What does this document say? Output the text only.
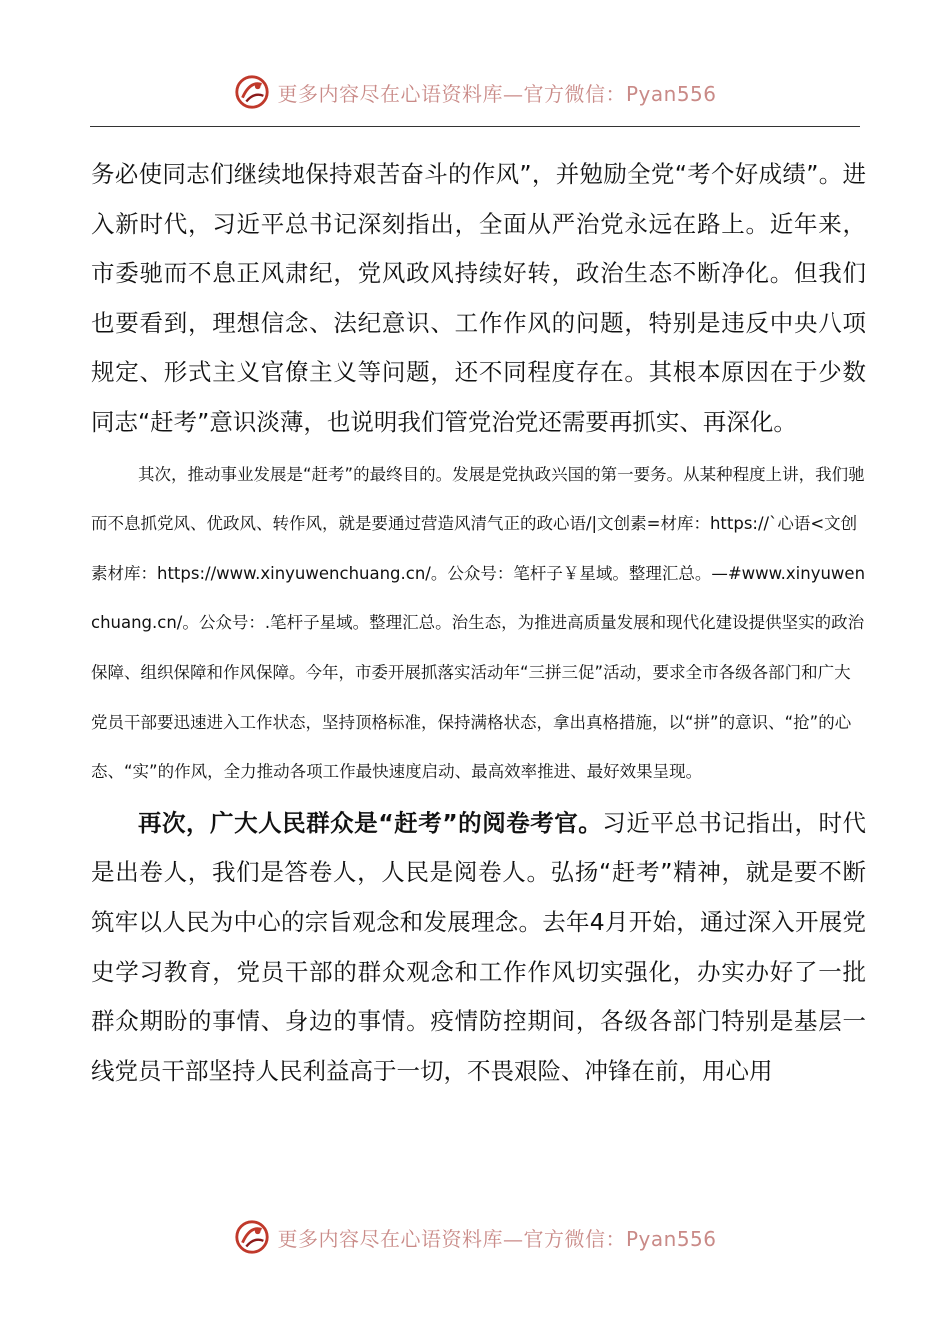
更多内容尽在心语资料库—官方微信：Pyan556

务必使同志们继续地保持艰苦奋斗的作风”，并勉励全党“考个好成绩”。进入新时代，习近平总书记深刻指出，全面从严治党永远在路上。近年来，市委驰而不息正风肃纪，党风政风持续好转，政治生态不断净化。但我们也要看到，理想信念、法纪意识、工作作风的问题，特别是违反中央八项规定、形式主义官僚主义等问题，还不同程度存在。其根本原因在于少数同志“赶考”意识淡薄，也说明我们管党治党还需要再抓实、再深化。

其次，推动事业发展是“赶考”的最终目的。发展是党执政兴国的第一要务。从某种程度上讲，我们驰而不息抓党风、优政风、转作风，就是要通过营造风清气正的政心语/|文创素=材库：https://`心语<文创素材库：https://www.xinyuwenchuang.cn/。公众号：笔杆子￥星域。整理汇总。—#www.xinyuwenchuang.cn/。公众号：.笔杆子星域。整理汇总。治生态，为推进高质量发展和现代化建设提供坚实的政治保障、组织保障和作风保障。今年，市委开展抓落实活动年“三拼三促”活动，要求全市各级各部门和广大党员干部要迅速进入工作状态，坚持顶格标准，保持满格状态，拿出真格措施，以“拼”的意识、“抢”的心态、“实”的作风，全力推动各项工作最快速度启动、最高效率推进、最好效果呈现。

再次，广大人民群众是“赶考”的阅卷考官。习近平总书记指出，时代是出卷人，我们是答卷人，人民是阅卷人。弘扬“赶考”精神，就是要不断筑牢以人民为中心的宗旨观念和发展理念。去年4月开始，通过深入开展党史学习教育，党员干部的群众观念和工作作风切实强化，办实办好了一批群众期盼的事情、身边的事情。疫情防控期间，各级各部门特别是基层一线党员干部坚持人民利益高于一切，不畏艰险、冲锋在前，用心用

更多内容尽在心语资料库—官方微信：Pyan556
